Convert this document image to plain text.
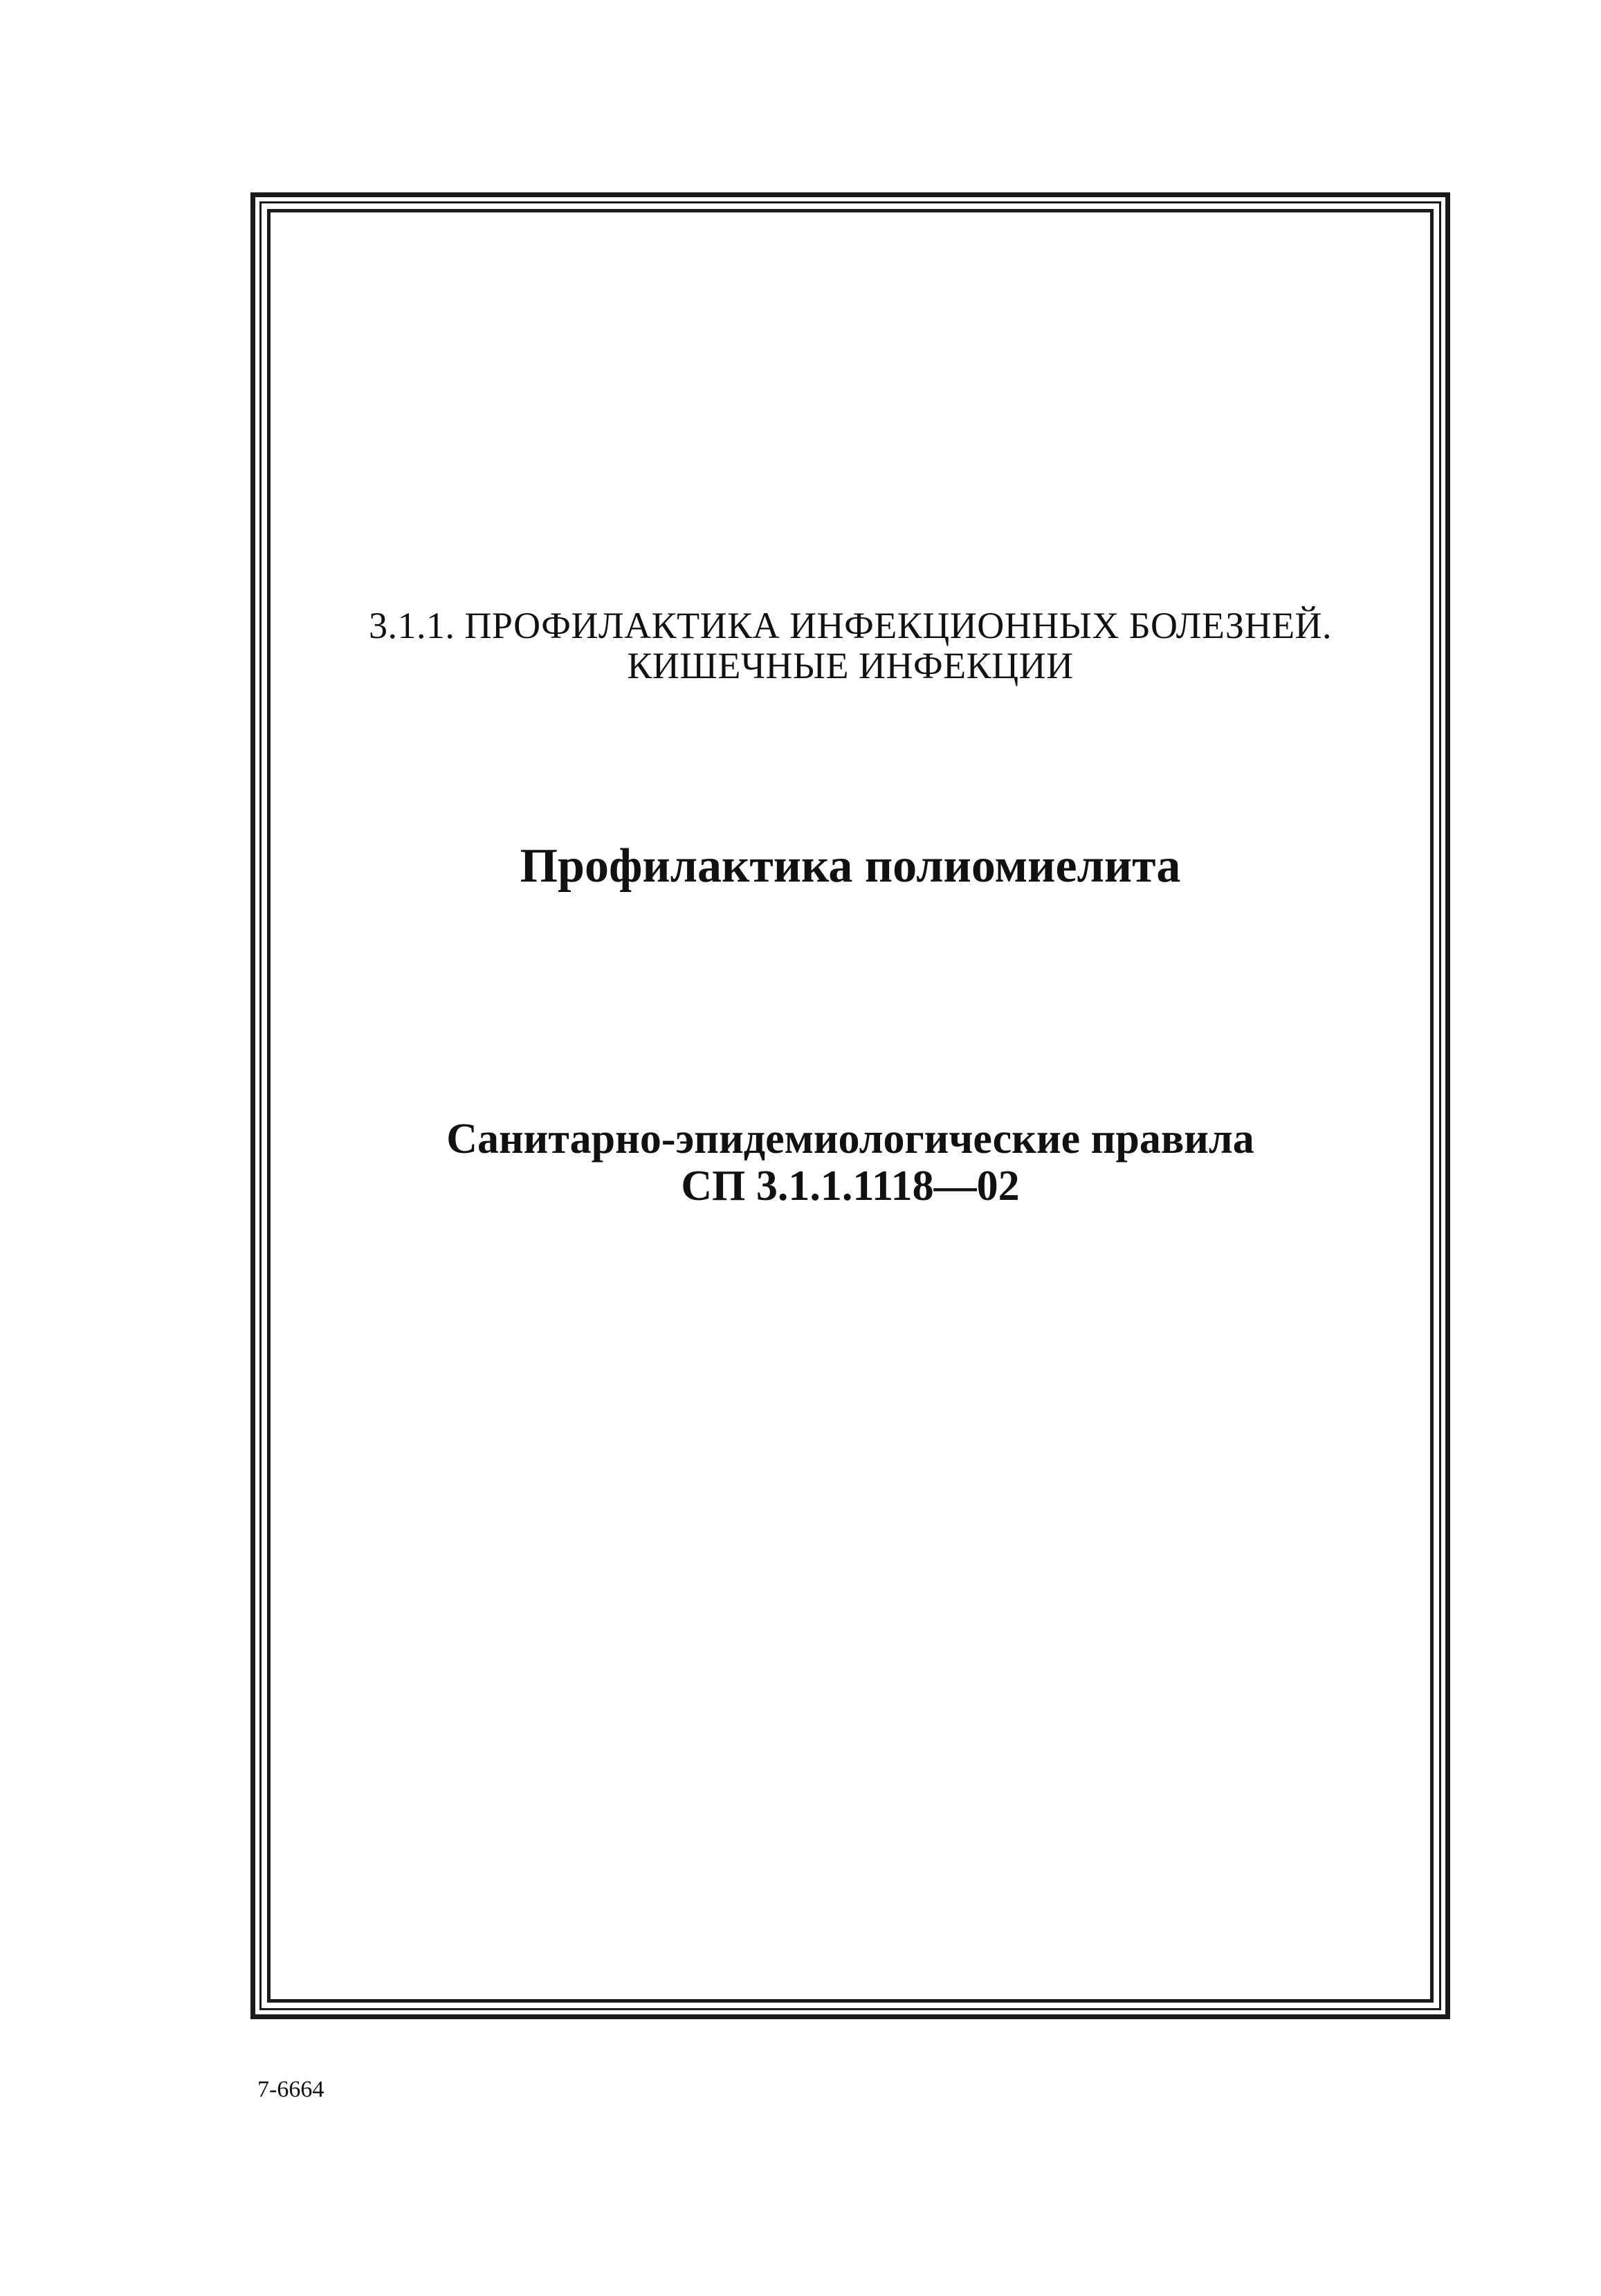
3.1.1. ПРОФИЛАКТИКА ИНФЕКЦИОННЫХ БОЛЕЗНЕЙ.
КИШЕЧНЫЕ ИНФЕКЦИИ
Профилактика полиомиелита
Санитарно-эпидемиологические правила
СП 3.1.1.1118—02
7-6664
